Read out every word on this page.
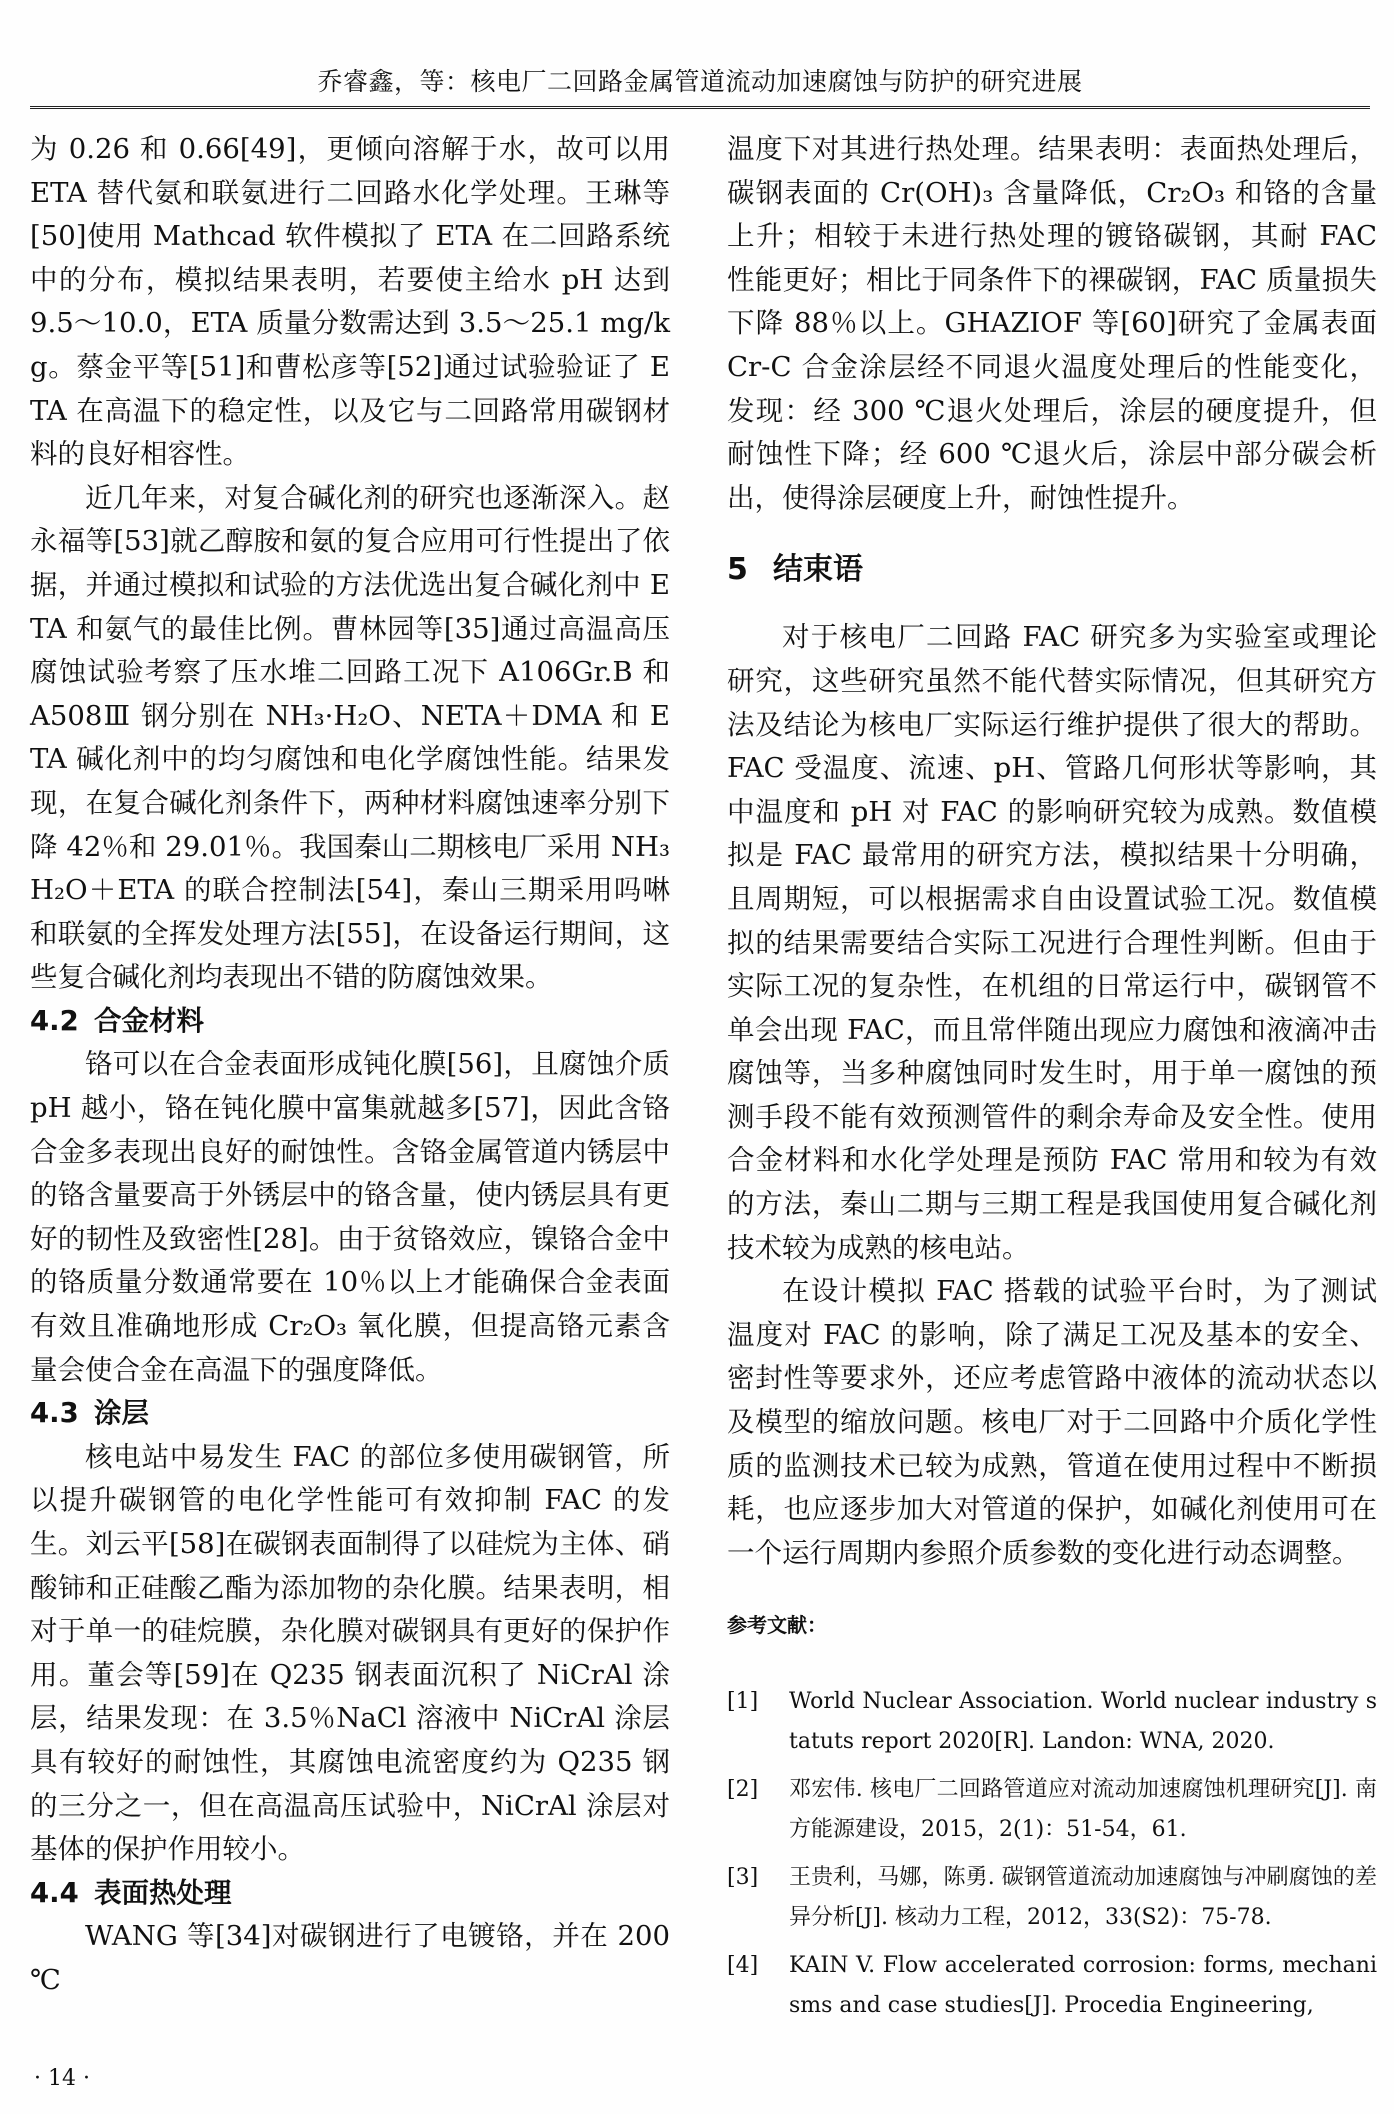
乔睿鑫，等：核电厂二回路金属管道流动加速腐蚀与防护的研究进展

为 0.26 和 0.66[49]，更倾向溶解于水，故可以用 ETA 替代氨和联氨进行二回路水化学处理。王琳等[50]使用 Mathcad 软件模拟了 ETA 在二回路系统中的分布，模拟结果表明，若要使主给水 pH 达到 9.5～10.0，ETA 质量分数需达到 3.5～25.1 mg/kg。蔡金平等[51]和曹松彦等[52]通过试验验证了 ETA 在高温下的稳定性，以及它与二回路常用碳钢材料的良好相容性。

近几年来，对复合碱化剂的研究也逐渐深入。赵永福等[53]就乙醇胺和氨的复合应用可行性提出了依据，并通过模拟和试验的方法优选出复合碱化剂中 ETA 和氨气的最佳比例。曹林园等[35]通过高温高压腐蚀试验考察了压水堆二回路工况下 A106Gr.B 和 A508Ⅲ 钢分别在 NH₃·H₂O、NETA＋DMA 和 ETA 碱化剂中的均匀腐蚀和电化学腐蚀性能。结果发现，在复合碱化剂条件下，两种材料腐蚀速率分别下降 42％和 29.01％。我国秦山二期核电厂采用 NH₃H₂O＋ETA 的联合控制法[54]，秦山三期采用吗啉和联氨的全挥发处理方法[55]，在设备运行期间，这些复合碱化剂均表现出不错的防腐蚀效果。

4.2 合金材料

铬可以在合金表面形成钝化膜[56]，且腐蚀介质 pH 越小，铬在钝化膜中富集就越多[57]，因此含铬合金多表现出良好的耐蚀性。含铬金属管道内锈层中的铬含量要高于外锈层中的铬含量，使内锈层具有更好的韧性及致密性[28]。由于贫铬效应，镍铬合金中的铬质量分数通常要在 10％以上才能确保合金表面有效且准确地形成 Cr₂O₃ 氧化膜，但提高铬元素含量会使合金在高温下的强度降低。

4.3 涂层

核电站中易发生 FAC 的部位多使用碳钢管，所以提升碳钢管的电化学性能可有效抑制 FAC 的发生。刘云平[58]在碳钢表面制得了以硅烷为主体、硝酸铈和正硅酸乙酯为添加物的杂化膜。结果表明，相对于单一的硅烷膜，杂化膜对碳钢具有更好的保护作用。董会等[59]在 Q235 钢表面沉积了 NiCrAl 涂层，结果发现：在 3.5％NaCl 溶液中 NiCrAl 涂层具有较好的耐蚀性，其腐蚀电流密度约为 Q235 钢的三分之一，但在高温高压试验中，NiCrAl 涂层对基体的保护作用较小。

4.4 表面热处理

WANG 等[34]对碳钢进行了电镀铬，并在 200 ℃

温度下对其进行热处理。结果表明：表面热处理后，碳钢表面的 Cr(OH)₃ 含量降低，Cr₂O₃ 和铬的含量上升；相较于未进行热处理的镀铬碳钢，其耐 FAC 性能更好；相比于同条件下的裸碳钢，FAC 质量损失下降 88％以上。GHAZIOF 等[60]研究了金属表面 Cr-C 合金涂层经不同退火温度处理后的性能变化，发现：经 300 ℃退火处理后，涂层的硬度提升，但耐蚀性下降；经 600 ℃退火后，涂层中部分碳会析出，使得涂层硬度上升，耐蚀性提升。

5 结束语

对于核电厂二回路 FAC 研究多为实验室或理论研究，这些研究虽然不能代替实际情况，但其研究方法及结论为核电厂实际运行维护提供了很大的帮助。FAC 受温度、流速、pH、管路几何形状等影响，其中温度和 pH 对 FAC 的影响研究较为成熟。数值模拟是 FAC 最常用的研究方法，模拟结果十分明确，且周期短，可以根据需求自由设置试验工况。数值模拟的结果需要结合实际工况进行合理性判断。但由于实际工况的复杂性，在机组的日常运行中，碳钢管不单会出现 FAC，而且常伴随出现应力腐蚀和液滴冲击腐蚀等，当多种腐蚀同时发生时，用于单一腐蚀的预测手段不能有效预测管件的剩余寿命及安全性。使用合金材料和水化学处理是预防 FAC 常用和较为有效的方法，秦山二期与三期工程是我国使用复合碱化剂技术较为成熟的核电站。

在设计模拟 FAC 搭载的试验平台时，为了测试温度对 FAC 的影响，除了满足工况及基本的安全、密封性等要求外，还应考虑管路中液体的流动状态以及模型的缩放问题。核电厂对于二回路中介质化学性质的监测技术已较为成熟，管道在使用过程中不断损耗，也应逐步加大对管道的保护，如碱化剂使用可在一个运行周期内参照介质参数的变化进行动态调整。

参考文献：
[1]	World Nuclear Association. World nuclear industry statuts report 2020[R]. Landon: WNA, 2020.
[2]	邓宏伟. 核电厂二回路管道应对流动加速腐蚀机理研究[J]. 南方能源建设，2015，2(1)：51-54，61.
[3]	王贵利，马娜，陈勇. 碳钢管道流动加速腐蚀与冲刷腐蚀的差异分析[J]. 核动力工程，2012，33(S2)：75-78.
[4]	KAIN V. Flow accelerated corrosion: forms, mechanisms and case studies[J]. Procedia Engineering,
· 14 ·
